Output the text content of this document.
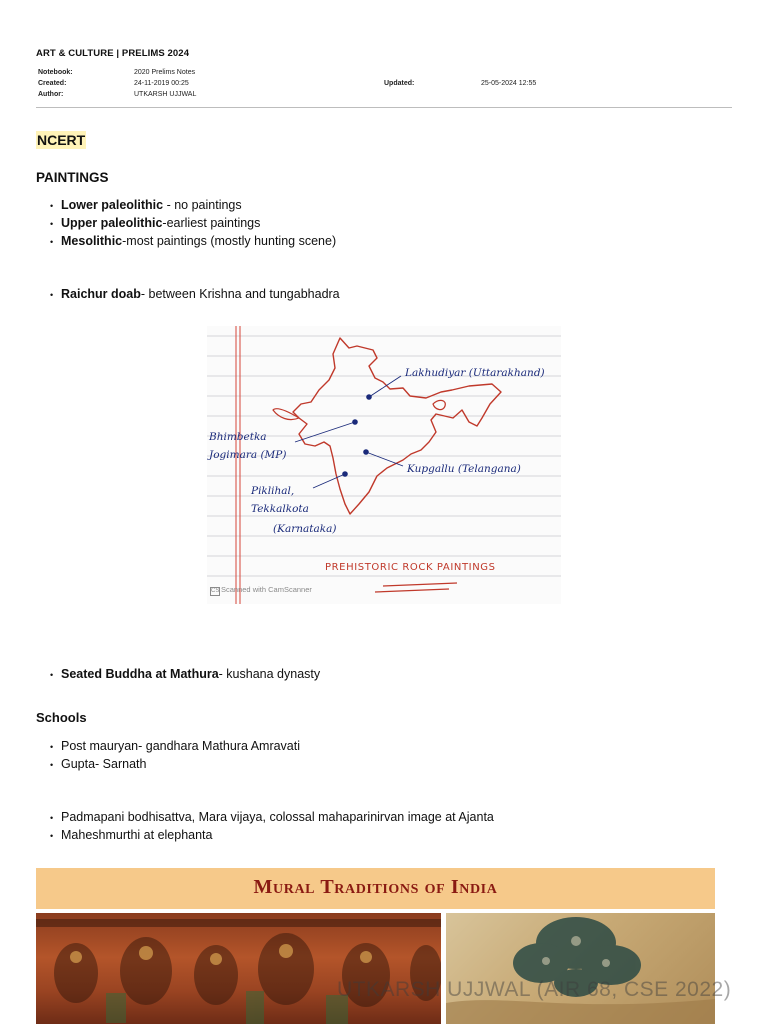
ART & CULTURE | PRELIMS 2024
Notebook:	2020 Prelims Notes
Created:	24-11-2019 00:25	Updated:	25-05-2024 12:55
Author:	UTKARSH UJJWAL
NCERT
PAINTINGS
• Lower paleolithic - no paintings
• Upper paleolithic-earliest paintings
• Mesolithic-most paintings (mostly hunting scene)
• Raichur doab- between Krishna and tungabhadra
Lakhudiyar (Uttarakhand)
Bhimbetka
Jogimara (MP)
Kupgallu (Telangana)
Piklihal,
Tekkalkota
(Karnataka)
PREHISTORIC ROCK PAINTINGS
CS Scanned with CamScanner
• Seated Buddha at Mathura- kushana dynasty
Schools
• Post mauryan- gandhara Mathura Amravati
• Gupta- Sarnath
• Padmapani bodhisattva, Mara vijaya, colossal mahaparinirvan image at Ajanta
• Maheshmurthi at elephanta
Mural Traditions of India
UTKARSH UJJWAL (AIR 68, CSE 2022)
